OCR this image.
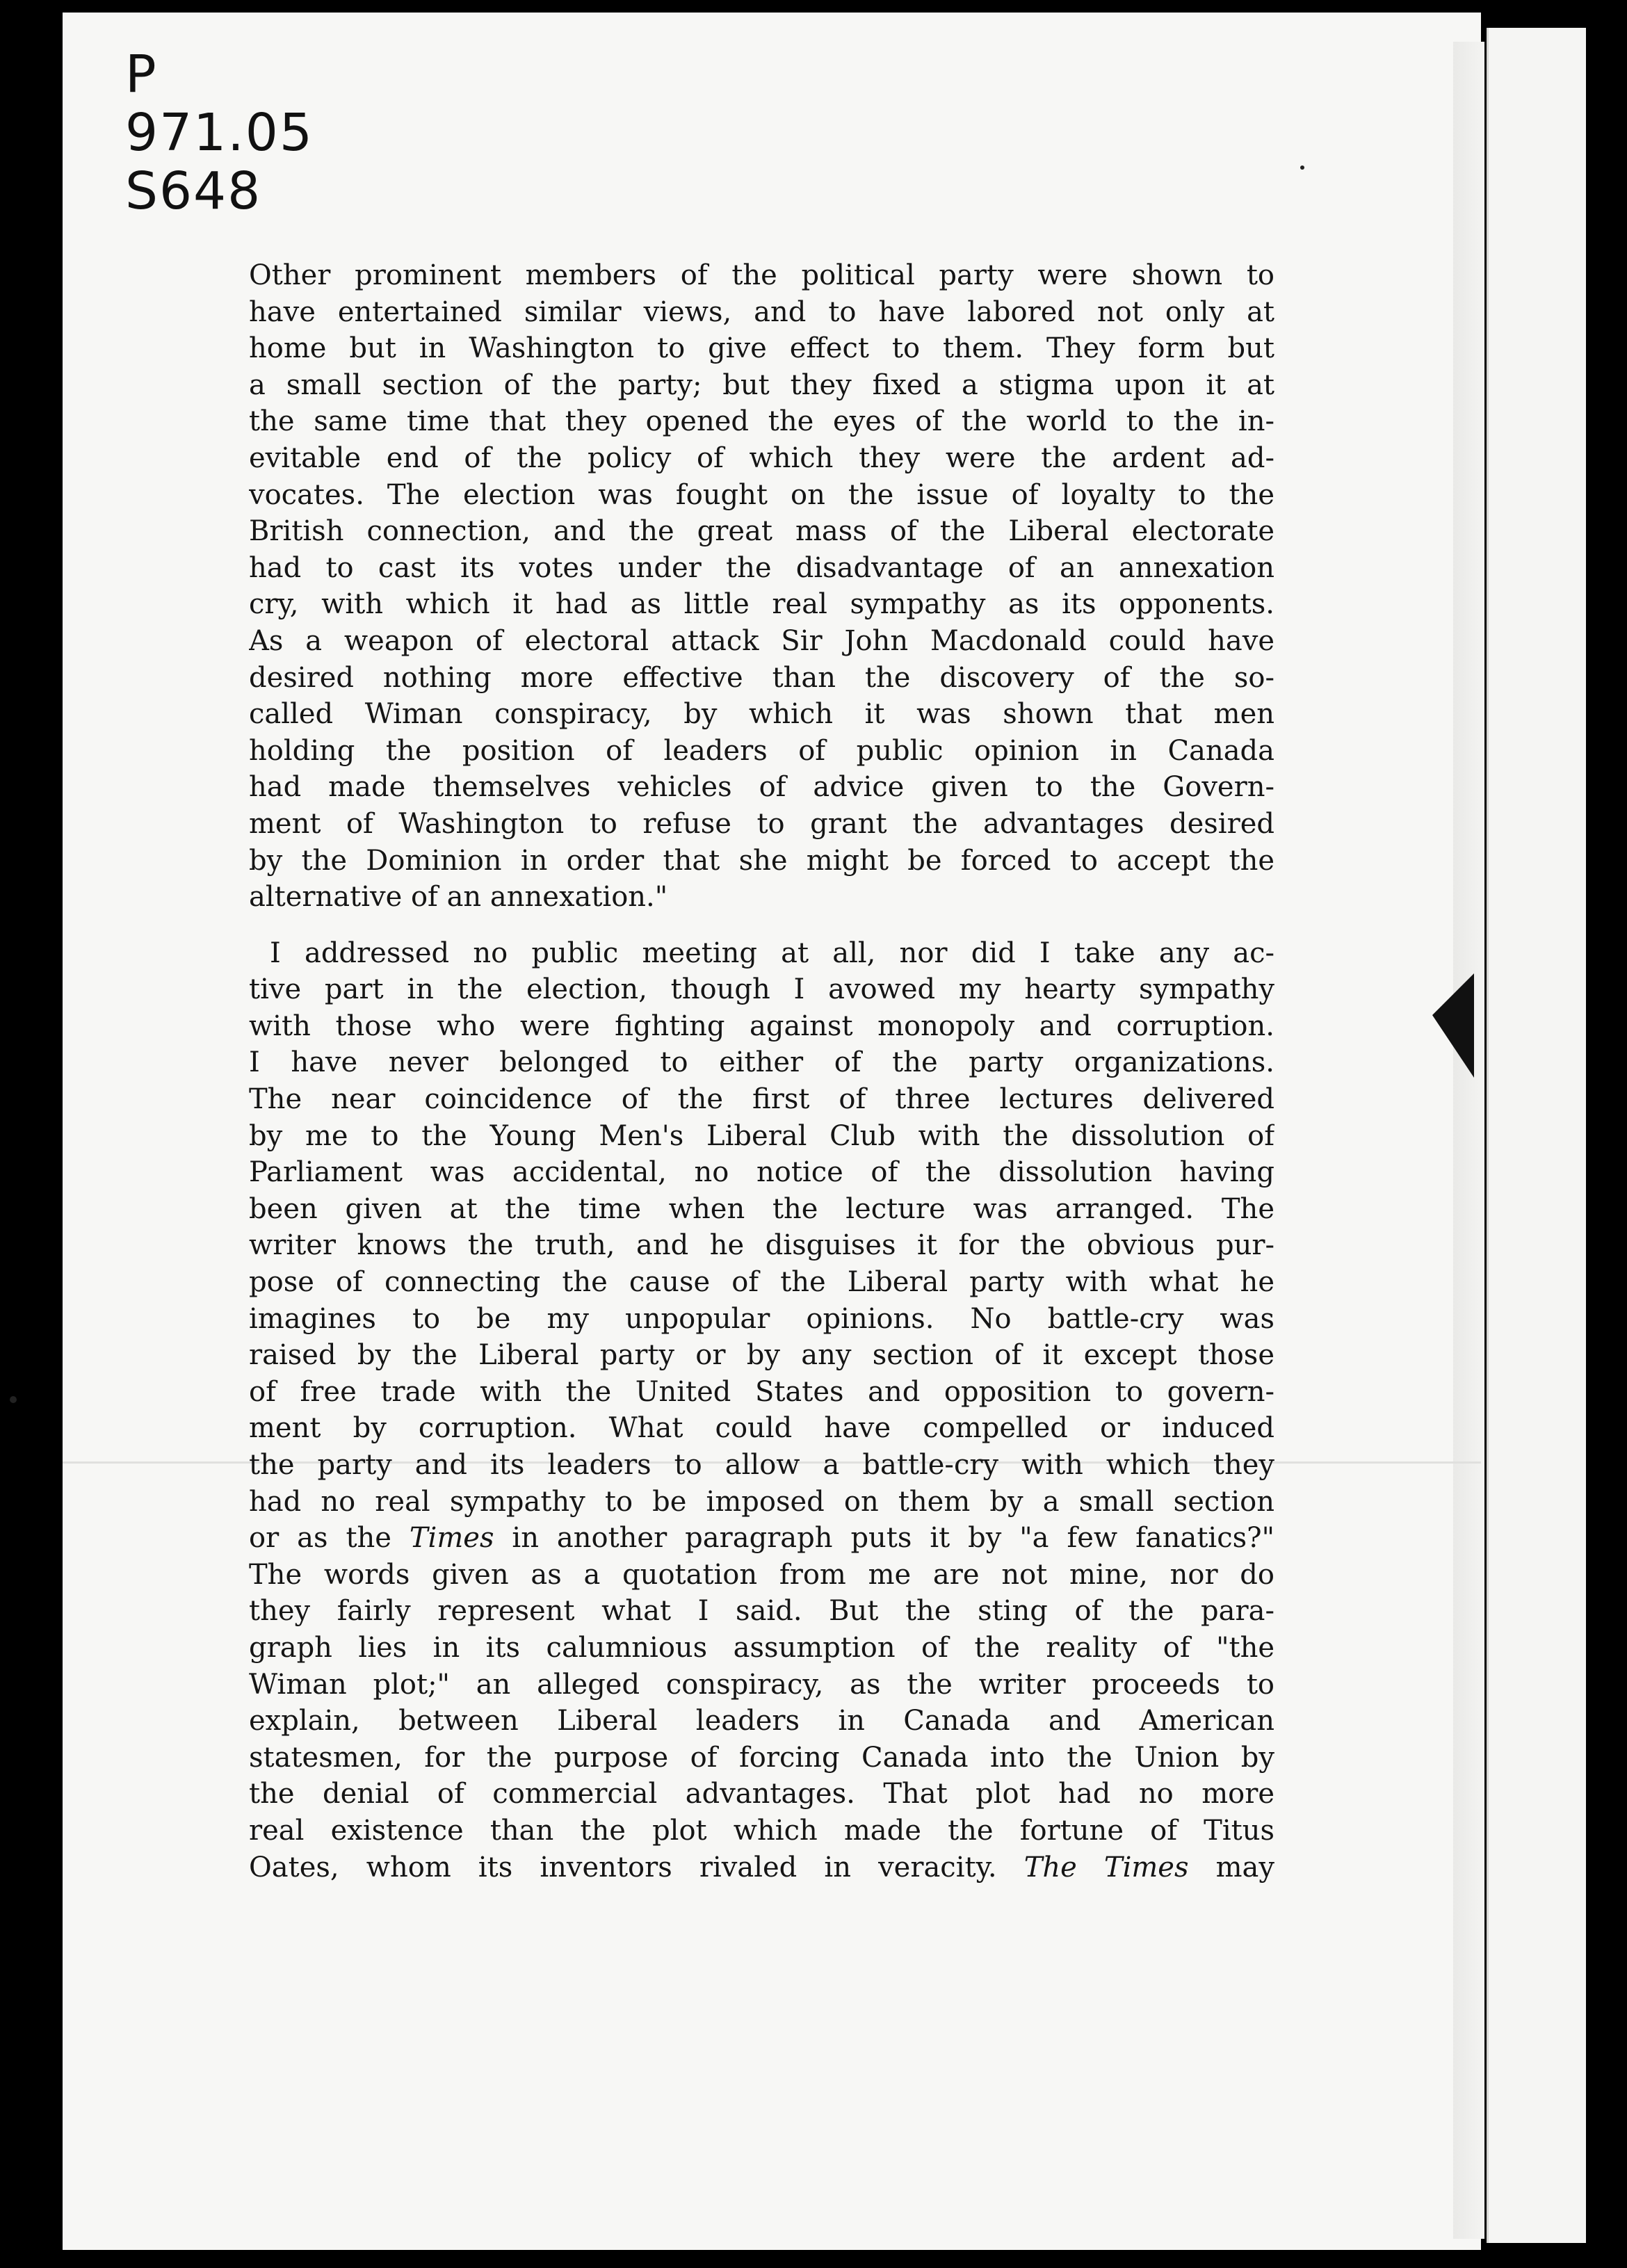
P
971.05
S648
Other prominent members of the political party were shown to
have entertained similar views, and to have labored not only at
home but in Washington to give effect to them. They form but
a small section of the party; but they fixed a stigma upon it at
the same time that they opened the eyes of the world to the in-
evitable end of the policy of which they were the ardent ad-
vocates. The election was fought on the issue of loyalty to the
British connection, and the great mass of the Liberal electorate
had to cast its votes under the disadvantage of an annexation
cry, with which it had as little real sympathy as its opponents.
As a weapon of electoral attack Sir John Macdonald could have
desired nothing more effective than the discovery of the so-
called Wiman conspiracy, by which it was shown that men
holding the position of leaders of public opinion in Canada
had made themselves vehicles of advice given to the Govern-
ment of Washington to refuse to grant the advantages desired
by the Dominion in order that she might be forced to accept the
alternative of an annexation."
I addressed no public meeting at all, nor did I take any ac-
tive part in the election, though I avowed my hearty sympathy
with those who were fighting against monopoly and corruption.
I have never belonged to either of the party organizations.
The near coincidence of the first of three lectures delivered
by me to the Young Men's Liberal Club with the dissolution of
Parliament was accidental, no notice of the dissolution having
been given at the time when the lecture was arranged. The
writer knows the truth, and he disguises it for the obvious pur-
pose of connecting the cause of the Liberal party with what he
imagines to be my unpopular opinions. No battle-cry was
raised by the Liberal party or by any section of it except those
of free trade with the United States and opposition to govern-
ment by corruption. What could have compelled or induced
the party and its leaders to allow a battle-cry with which they
had no real sympathy to be imposed on them by a small section
or as the Times in another paragraph puts it by "a few fanatics?"
The words given as a quotation from me are not mine, nor do
they fairly represent what I said. But the sting of the para-
graph lies in its calumnious assumption of the reality of "the
Wiman plot;" an alleged conspiracy, as the writer proceeds to
explain, between Liberal leaders in Canada and American
statesmen, for the purpose of forcing Canada into the Union by
the denial of commercial advantages. That plot had no more
real existence than the plot which made the fortune of Titus
Oates, whom its inventors rivaled in veracity. The Times may
